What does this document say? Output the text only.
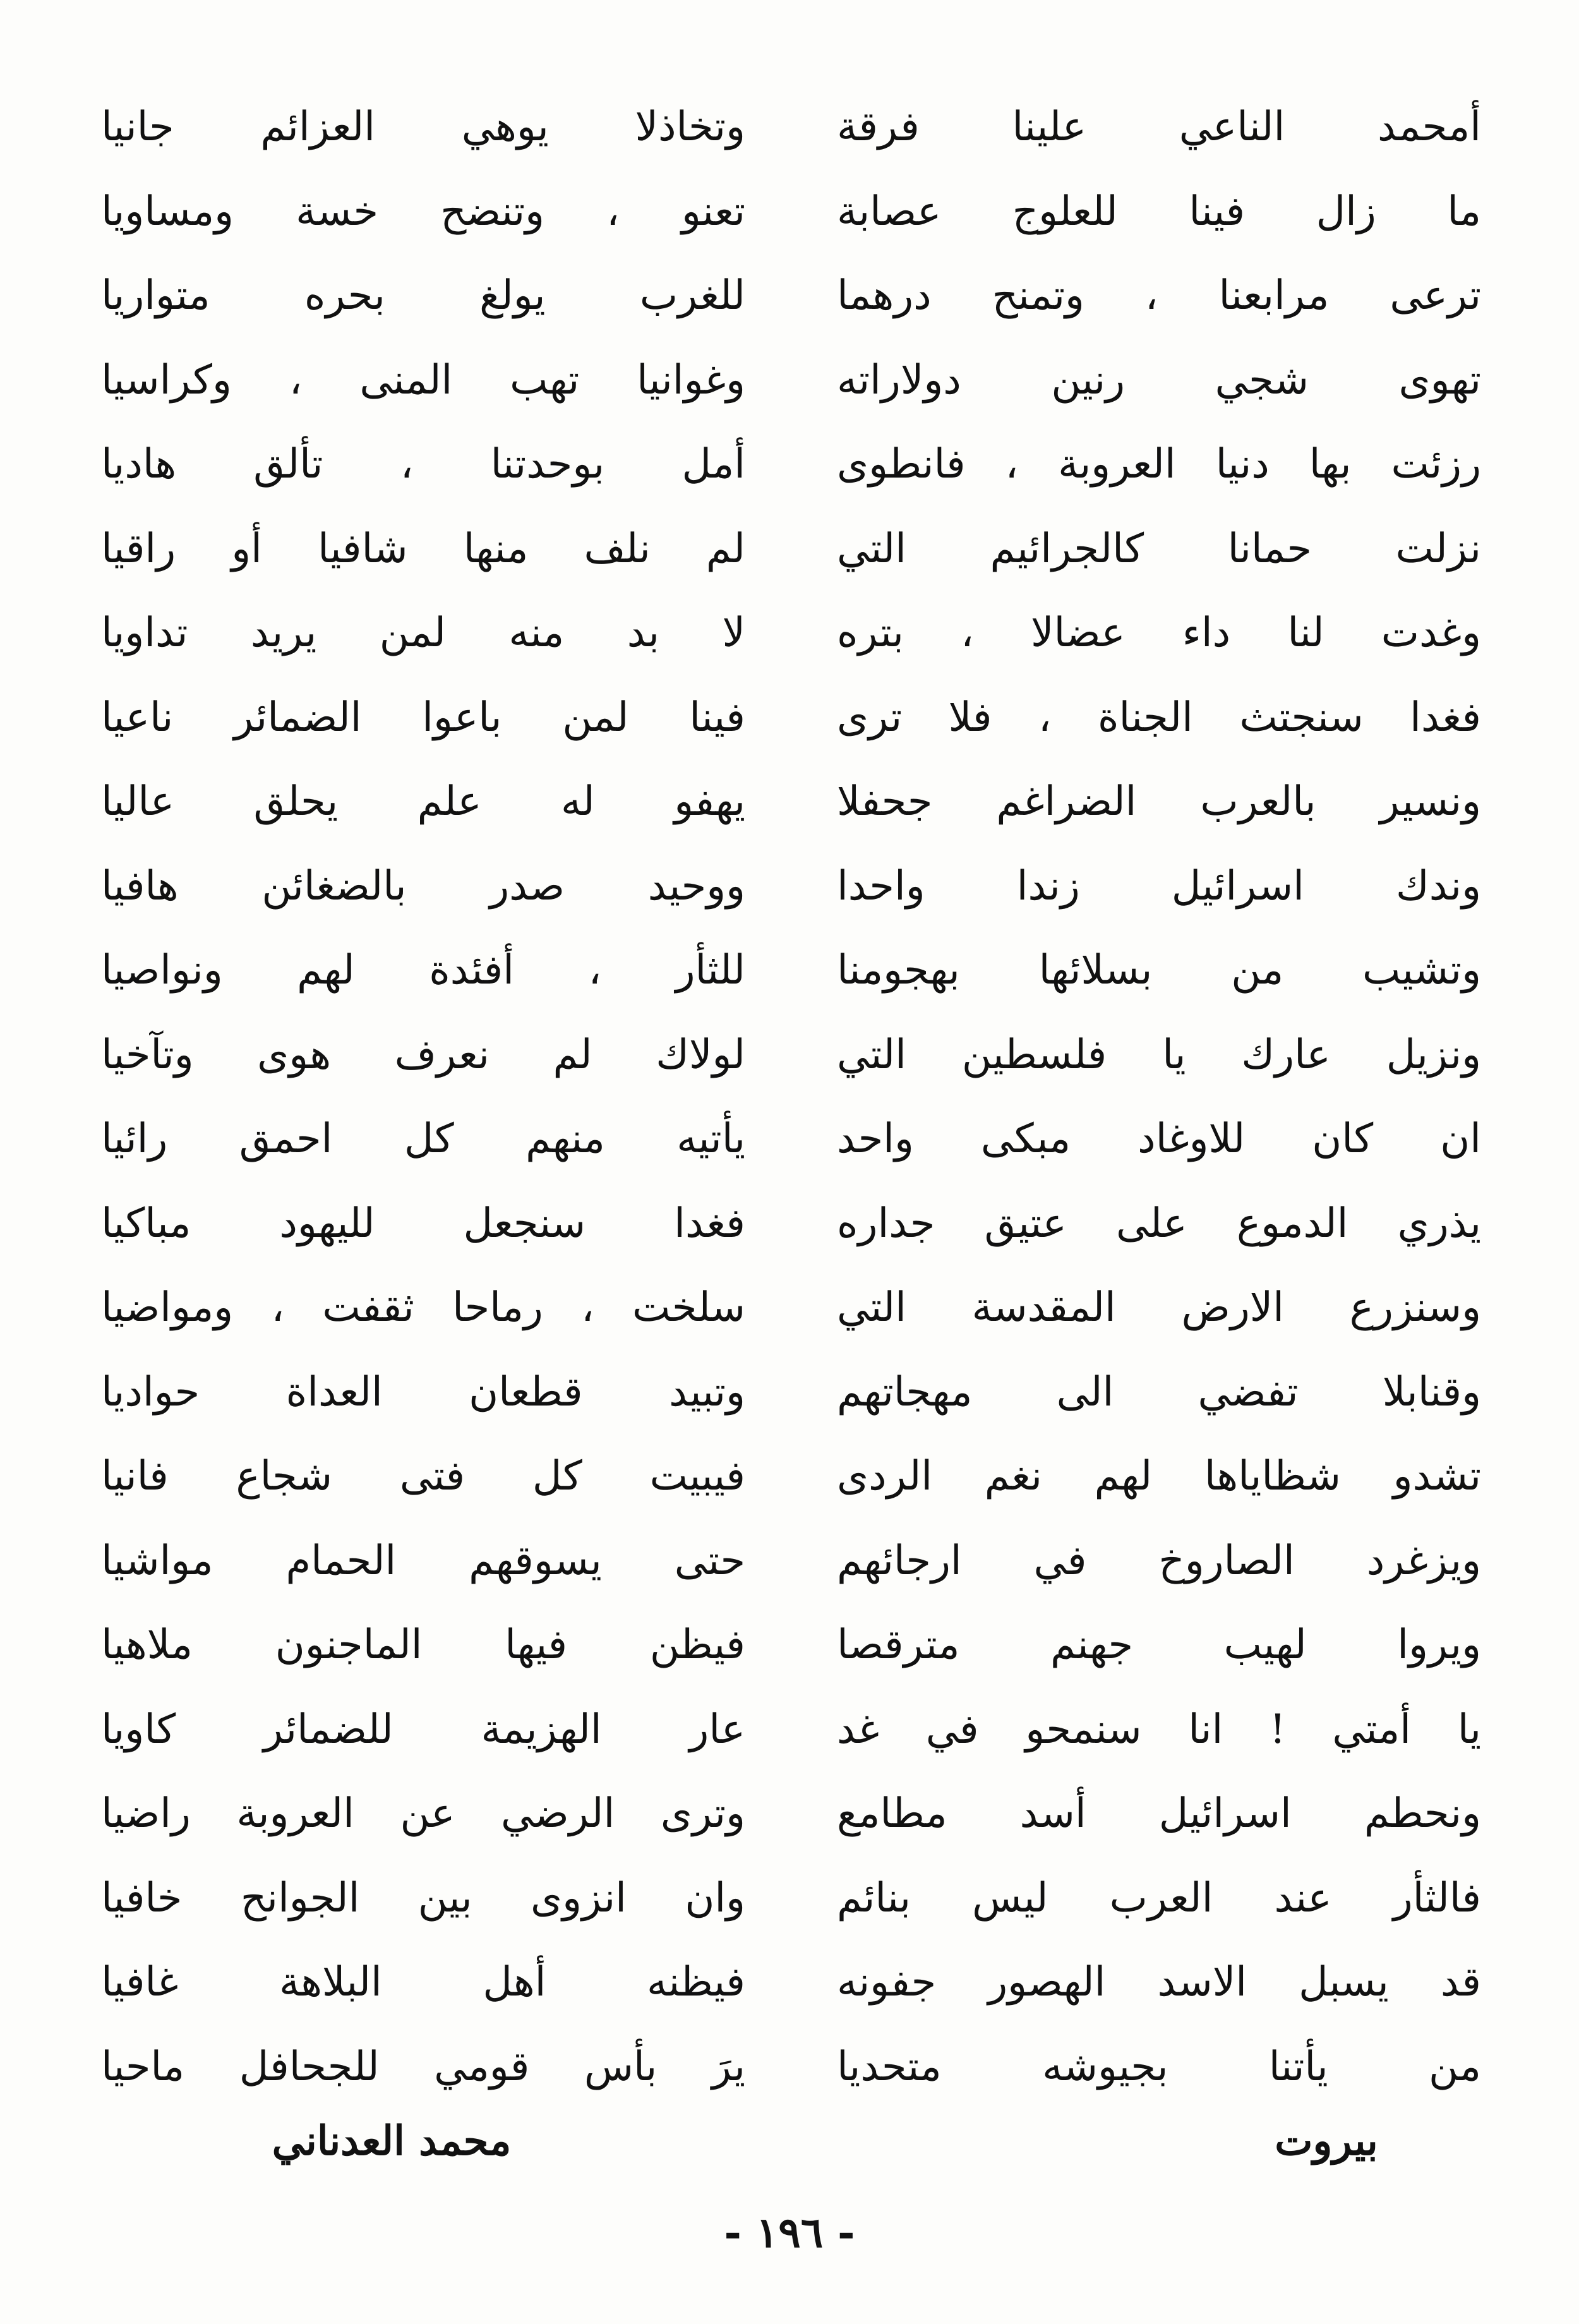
أمحمد الناعي علينا فرقة
ما زال فينا للعلوج عصابة
ترعى مرابعنا ، وتمنح درهما
تهوى شجي رنين دولاراته
رزئت بها دنيا العروبة ، فانطوى
نزلت حمانا كالجرائيم التي
وغدت لنا داء عضالا ، بتره
فغدا سنجتث الجناة ، فلا ترى
ونسير بالعرب الضراغم جحفلا
وندك اسرائيل زندا واحدا
وتشيب من بسلائها بهجومنا
ونزيل عارك يا فلسطين التي
ان كان للاوغاد مبكى واحد
يذري الدموع على عتيق جداره
وسنزرع الارض المقدسة التي
وقنابلا تفضي الى مهجاتهم
تشدو شظاياها لهم نغم الردى
ويزغرد الصاروخ في ارجائهم
ويروا لهيب جهنم مترقصا
يا أمتي ! انا سنمحو في غد
ونحطم اسرائيل أسد مطامع
فالثأر عند العرب ليس بنائم
قد يسبل الاسد الهصور جفونه
من يأتنا بجيوشه متحديا
وتخاذلا يوهي العزائم جانيا
تعنو ، وتنضح خسة ومساويا
للغرب يولغ بحره متواريا
وغوانيا تهب المنى ، وكراسيا
أمل بوحدتنا ، تألق هاديا
لم نلف منها شافيا أو راقيا
لا بد منه لمن يريد تداويا
فينا لمن باعوا الضمائر ناعيا
يهفو له علم يحلق عاليا
ووحيد صدر بالضغائن هافيا
للثأر ، أفئدة لهم ونواصيا
لولاك لم نعرف هوى وتآخيا
يأتيه منهم كل احمق رائيا
فغدا سنجعل لليهود مباكيا
سلخت ، رماحا ثقفت ، ومواضيا
وتبيد قطعان العداة حواديا
فيبيت كل فتى شجاع فانيا
حتى يسوقهم الحمام مواشيا
فيظن فيها الماجنون ملاهيا
عار الهزيمة للضمائر كاويا
وترى الرضي عن العروبة راضيا
وان انزوى بين الجوانح خافيا
فيظنه أهل البلاهة غافيا
يرَ بأس قومي للجحافل ماحيا
بيروت
محمد العدناني
- ١٩٦ -
